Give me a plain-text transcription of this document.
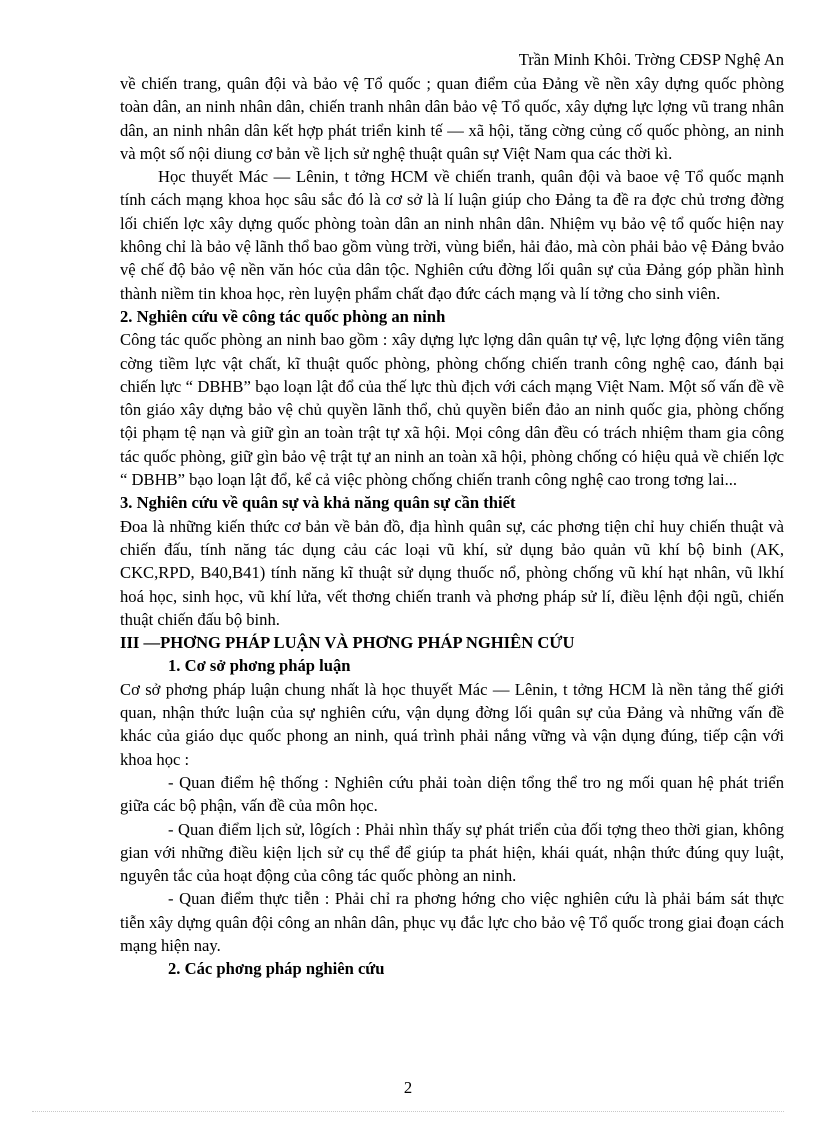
Trần Minh Khôi. Trờng CĐSP Nghệ An

về chiến trang, quân đội và bảo vệ Tổ quốc ; quan điểm của Đảng về nền xây dựng quốc phòng toàn dân, an ninh nhân dân, chiến tranh nhân dân bảo vệ Tổ quốc, xây dựng lực lợng vũ trang nhân dân, an ninh nhân dân kết hợp phát triển kinh tế — xã hội, tăng cờng củng cố quốc phòng, an ninh và một số nội diung cơ bản về lịch sử nghệ thuật quân sự Việt Nam qua các thời kì.

Học thuyết Mác — Lênin, t tởng HCM về chiến tranh, quân đội và baoe vệ Tổ quốc mạnh tính cách mạng khoa học sâu sắc đó là cơ sở là lí luận giúp cho Đảng ta đề ra đợc chủ trơng đờng lối chiến lợc xây dựng quốc phòng toàn dân an ninh nhân dân. Nhiệm vụ bảo vệ tổ quốc hiện nay không chỉ là bảo vệ lãnh thổ bao gồm vùng trời, vùng biển, hải đảo, mà còn phải bảo vệ Đảng bvảo vệ chế độ bảo vệ nền văn hóc của dân tộc. Nghiên cứu đờng lối quân sự của Đảng góp phần hình thành niềm tin khoa học, rèn luyện phẩm chất đạo đức cách mạng và lí tởng cho sinh viên.

2. Nghiên cứu về công tác quốc phòng an ninh

Công tác quốc phòng an ninh bao gồm : xây dựng lực lợng dân quân tự vệ, lực lợng động viên tăng cờng tiềm lực vật chất, kĩ thuật quốc phòng, phòng chống chiến tranh công nghệ cao, đánh bại chiến lực “ DBHB” bạo loạn lật đổ của thế lực thù địch với cách mạng Việt Nam. Một số vấn đề về tôn giáo xây dựng bảo vệ chủ quyền lãnh thổ, chủ quyền biển đảo an ninh quốc gia, phòng chống tội phạm tệ nạn và giữ gìn an toàn trật tự xã hội. Mọi công dân đều có trách nhiệm tham gia công tác quốc phòng, giữ gìn bảo vệ trật tự an ninh an toàn xã hội, phòng chống có hiệu quả về chiến lợc “ DBHB” bạo loạn lật đổ, kể cả việc phòng chống chiến tranh công nghệ cao trong tơng lai...

3. Nghiên cứu về quân sự và khả năng quân sự cần thiết

Đoa là những kiến thức cơ bản về bản đồ, địa hình quân sự, các phơng tiện chỉ huy chiến thuật và chiến đấu, tính năng tác dụng cảu các loại vũ khí, sử dụng bảo quản vũ khí bộ binh (AK, CKC,RPD, B40,B41) tính năng kĩ thuật sử dụng thuốc nổ, phòng chống vũ khí hạt nhân, vũ lkhí hoá học, sinh học, vũ khí lửa, vết thơng chiến tranh và phơng pháp sử lí, điều lệnh đội ngũ, chiến thuật chiến đấu bộ binh.

III —PHƠNG PHÁP LUẬN VÀ PHƠNG PHÁP NGHIÊN CỨU

1. Cơ sở phơng pháp luận

Cơ sở phơng pháp luận chung nhất là học thuyết Mác — Lênin, t tởng HCM là nền tảng thế giới quan, nhận thức luận của sự nghiên cứu, vận dụng đờng lối quân sự của Đảng và những vấn đề khác của giáo dục quốc phong an ninh, quá trình phải nắng vững và vận dụng đúng, tiếp cận với khoa học :

- Quan điểm hệ thống : Nghiên cứu phải toàn diện tổng thể tro ng mối quan hệ phát triển giữa các bộ phận, vấn đề của môn học.

- Quan điểm lịch sử, lôgích : Phải nhìn thấy sự phát triển của đối tợng theo thời gian, không gian với những điều kiện lịch sử cụ thể để giúp ta phát hiện, khái quát, nhận thức đúng quy luật, nguyên tắc của hoạt động của công tác quốc phòng an ninh.

- Quan điểm thực tiễn : Phải chỉ ra phơng hớng cho việc nghiên cứu là phải bám sát thực tiễn xây dựng quân đội công an nhân dân, phục vụ đắc lực cho bảo vệ Tổ quốc trong giai đoạn cách mạng hiện nay.

2. Các phơng pháp nghiên cứu

2
